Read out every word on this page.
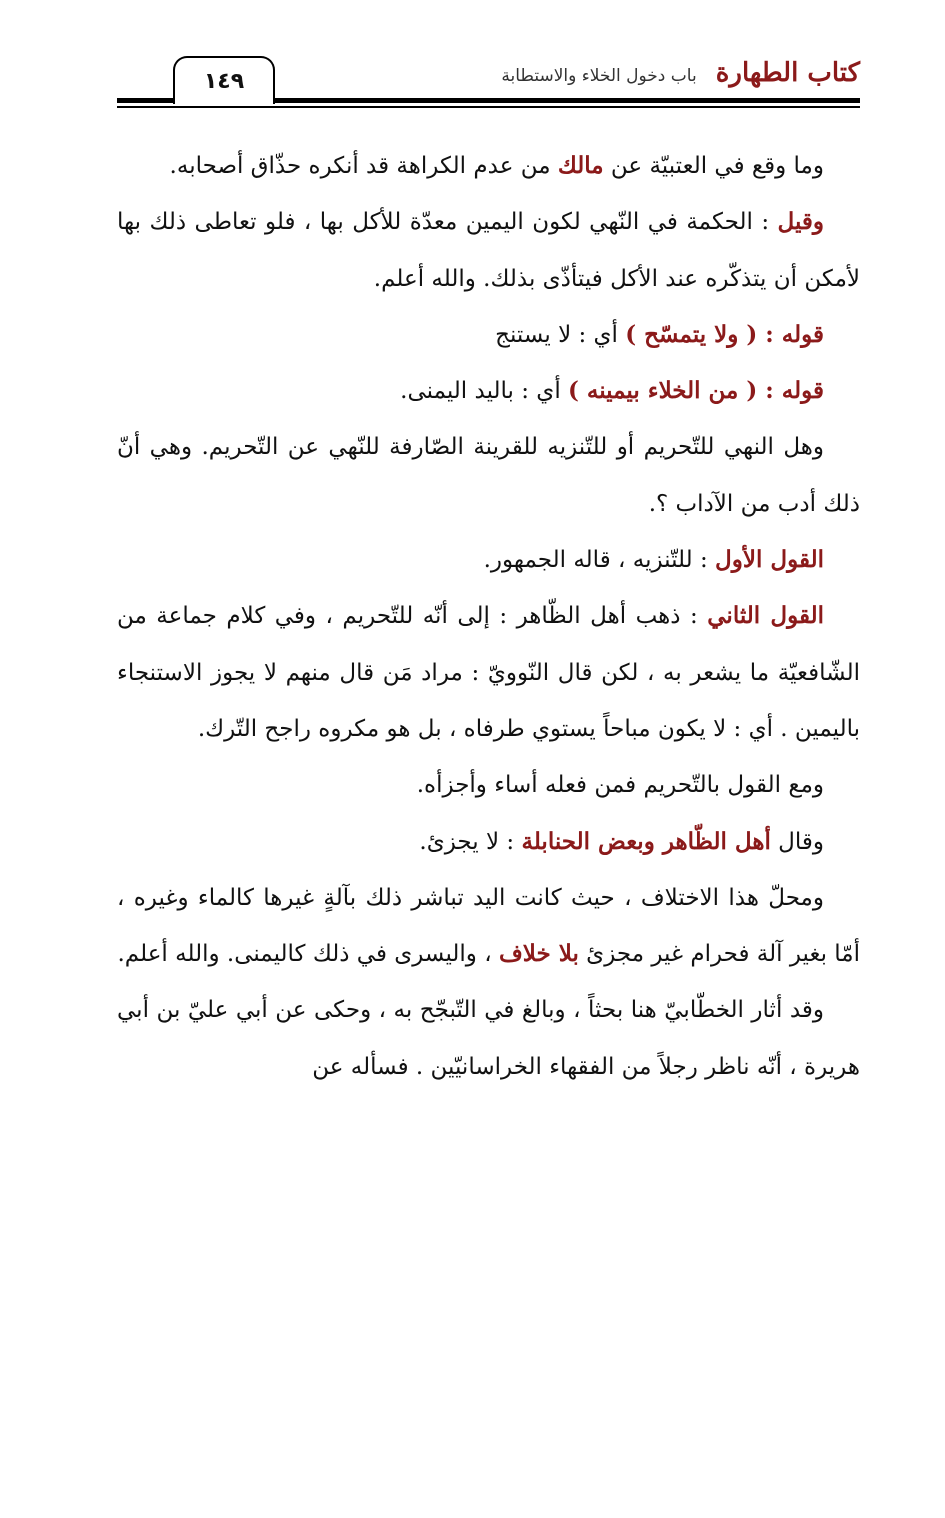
كتاب الطهارة باب دخول الخلاء والاستطابة
١٤٩

وما وقع في العتبيّة عن مالك من عدم الكراهة قد أنكره حذّاق أصحابه.

وقيل : الحكمة في النّهي لكون اليمين معدّة للأكل بها ، فلو تعاطى ذلك بها لأمكن أن يتذكّره عند الأكل فيتأذّى بذلك. والله أعلم.

قوله : ( ولا يتمسّح ) أي : لا يستنج

قوله : ( من الخلاء بيمينه ) أي : باليد اليمنى.

وهل النهي للتّحريم أو للتّنزيه للقرينة الصّارفة للنّهي عن التّحريم. وهي أنّ ذلك أدب من الآداب ؟.

القول الأول : للتّنزيه ، قاله الجمهور.

القول الثاني : ذهب أهل الظّاهر : إلى أنّه للتّحريم ، وفي كلام جماعة من الشّافعيّة ما يشعر به ، لكن قال النّوويّ : مراد مَن قال منهم لا يجوز الاستنجاء باليمين . أي : لا يكون مباحاً يستوي طرفاه ، بل هو مكروه راجح التّرك.

ومع القول بالتّحريم فمن فعله أساء وأجزأه.

وقال أهل الظّاهر وبعض الحنابلة : لا يجزئ.

ومحلّ هذا الاختلاف ، حيث كانت اليد تباشر ذلك بآلةٍ غيرها كالماء وغيره ، أمّا بغير آلة فحرام غير مجزئ بلا خلاف ، واليسرى في ذلك كاليمنى. والله أعلم.

وقد أثار الخطّابيّ هنا بحثاً ، وبالغ في التّبجّح به ، وحكى عن أبي عليّ بن أبي هريرة ، أنّه ناظر رجلاً من الفقهاء الخراسانيّين . فسأله عن
